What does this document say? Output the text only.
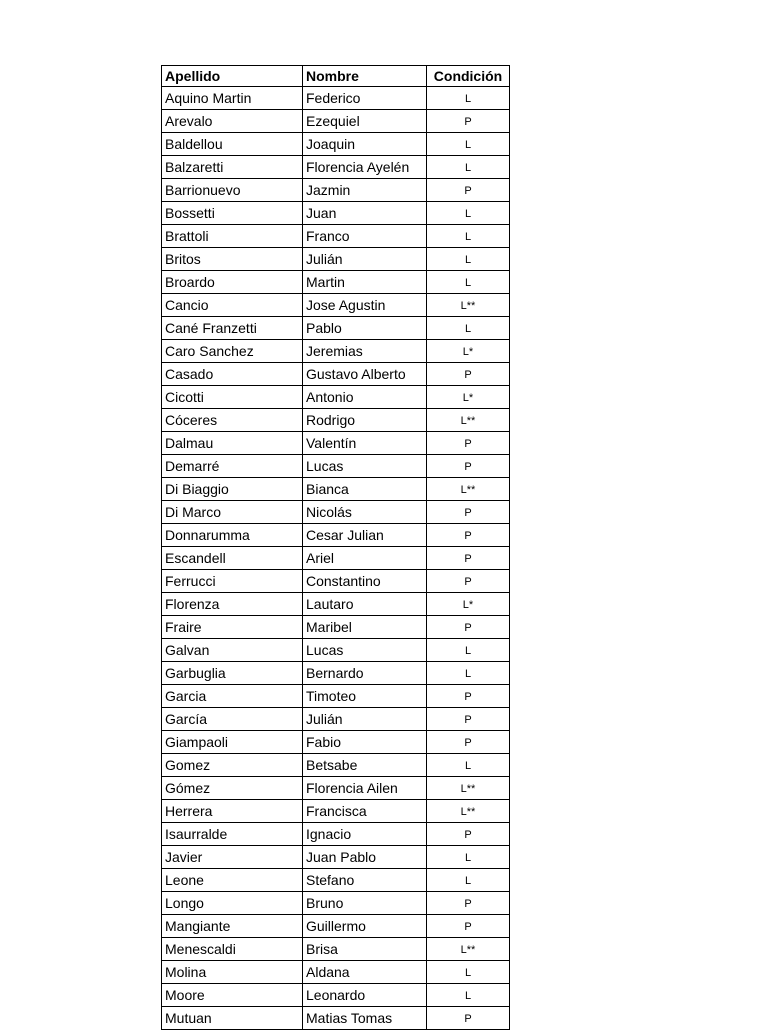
Apellido	Nombre	Condición
Aquino Martin	Federico	L
Arevalo	Ezequiel	P
Baldellou	Joaquin	L
Balzaretti	Florencia Ayelén	L
Barrionuevo	Jazmin	P
Bossetti	Juan	L
Brattoli	Franco	L
Britos	Julián	L
Broardo	Martin	L
Cancio	Jose Agustin	L**
Cané Franzetti	Pablo	L
Caro Sanchez	Jeremias	L*
Casado	Gustavo Alberto	P
Cicotti	Antonio	L*
Cóceres	Rodrigo	L**
Dalmau	Valentín	P
Demarré	Lucas	P
Di Biaggio	Bianca	L**
Di Marco	Nicolás	P
Donnarumma	Cesar Julian	P
Escandell	Ariel	P
Ferrucci	Constantino	P
Florenza	Lautaro	L*
Fraire	Maribel	P
Galvan	Lucas	L
Garbuglia	Bernardo	L
Garcia	Timoteo	P
García	Julián	P
Giampaoli	Fabio	P
Gomez	Betsabe	L
Gómez	Florencia Ailen	L**
Herrera	Francisca	L**
Isaurralde	Ignacio	P
Javier	Juan Pablo	L
Leone	Stefano	L
Longo	Bruno	P
Mangiante	Guillermo	P
Menescaldi	Brisa	L**
Molina	Aldana	L
Moore	Leonardo	L
Mutuan	Matias Tomas	P
